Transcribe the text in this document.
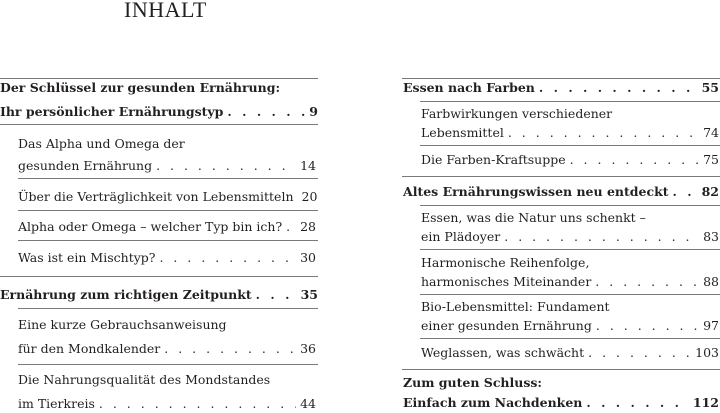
INHALT
Der Schlüssel zur gesunden Ernährung:
Ihr persönlicher Ernährungstyp . . .	9
Das Alpha und Omega der
gesunden Ernährung . . .	14
Über die Verträglichkeit von Lebensmitteln 20
Alpha oder Omega – welcher Typ bin ich? . . . 28
Was ist ein Mischtyp? . . .	30
Ernährung zum richtigen Zeitpunkt . . .	35
Eine kurze Gebrauchsanweisung
für den Mondkalender . . .	36
Die Nahrungsqualität des Mondstandes
im Tierkreis . . .	44
Essen nach Farben . . .	55
Farbwirkungen verschiedener
Lebensmittel . . .	74
Die Farben-Kraftsuppe . . .	75
Altes Ernährungswissen neu entdeckt . . .	82
Essen, was die Natur uns schenkt –
ein Plädoyer . . .	83
Harmonische Reihenfolge,
harmonisches Miteinander . . .	88
Bio-Lebensmittel: Fundament
einer gesunden Ernährung . . .	97
Weglassen, was schwächt . . .	103
Zum guten Schluss:
Einfach zum Nachdenken . . .	112
